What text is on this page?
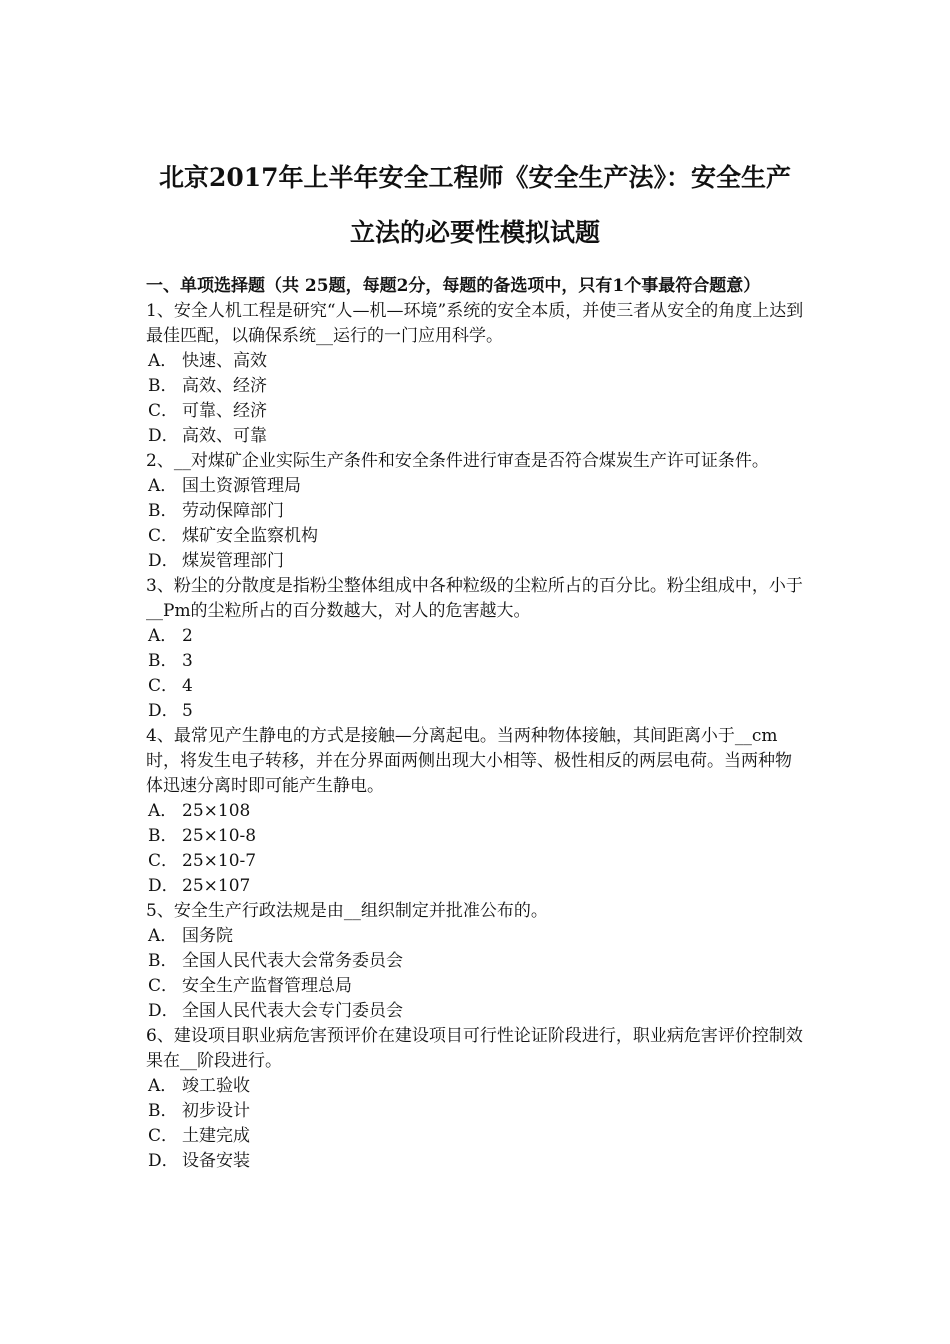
北京2017年上半年安全工程师《安全生产法》：安全生产
立法的必要性模拟试题

一、单项选择题（共 25题，每题2分，每题的备选项中，只有1个事最符合题意）

1、安全人机工程是研究“人—机—环境”系统的安全本质，并使三者从安全的角度上达到最佳匹配，以确保系统__运行的一门应用科学。

A． 快速、高效
B． 高效、经济
C． 可靠、经济
D． 高效、可靠

2、__对煤矿企业实际生产条件和安全条件进行审查是否符合煤炭生产许可证条件。

A． 国土资源管理局
B． 劳动保障部门
C． 煤矿安全监察机构
D． 煤炭管理部门

3、粉尘的分散度是指粉尘整体组成中各种粒级的尘粒所占的百分比。粉尘组成中，小于__Pm的尘粒所占的百分数越大，对人的危害越大。

A． 2
B． 3
C． 4
D． 5

4、最常见产生静电的方式是接触—分离起电。当两种物体接触，其间距离小于__cm时，将发生电子转移，并在分界面两侧出现大小相等、极性相反的两层电荷。当两种物体迅速分离时即可能产生静电。

A． 25×108
B． 25×10-8
C． 25×10-7
D． 25×107

5、安全生产行政法规是由__组织制定并批准公布的。

A． 国务院
B． 全国人民代表大会常务委员会
C． 安全生产监督管理总局
D． 全国人民代表大会专门委员会

6、建设项目职业病危害预评价在建设项目可行性论证阶段进行，职业病危害评价控制效果在__阶段进行。

A． 竣工验收
B． 初步设计
C． 土建完成
D． 设备安装
